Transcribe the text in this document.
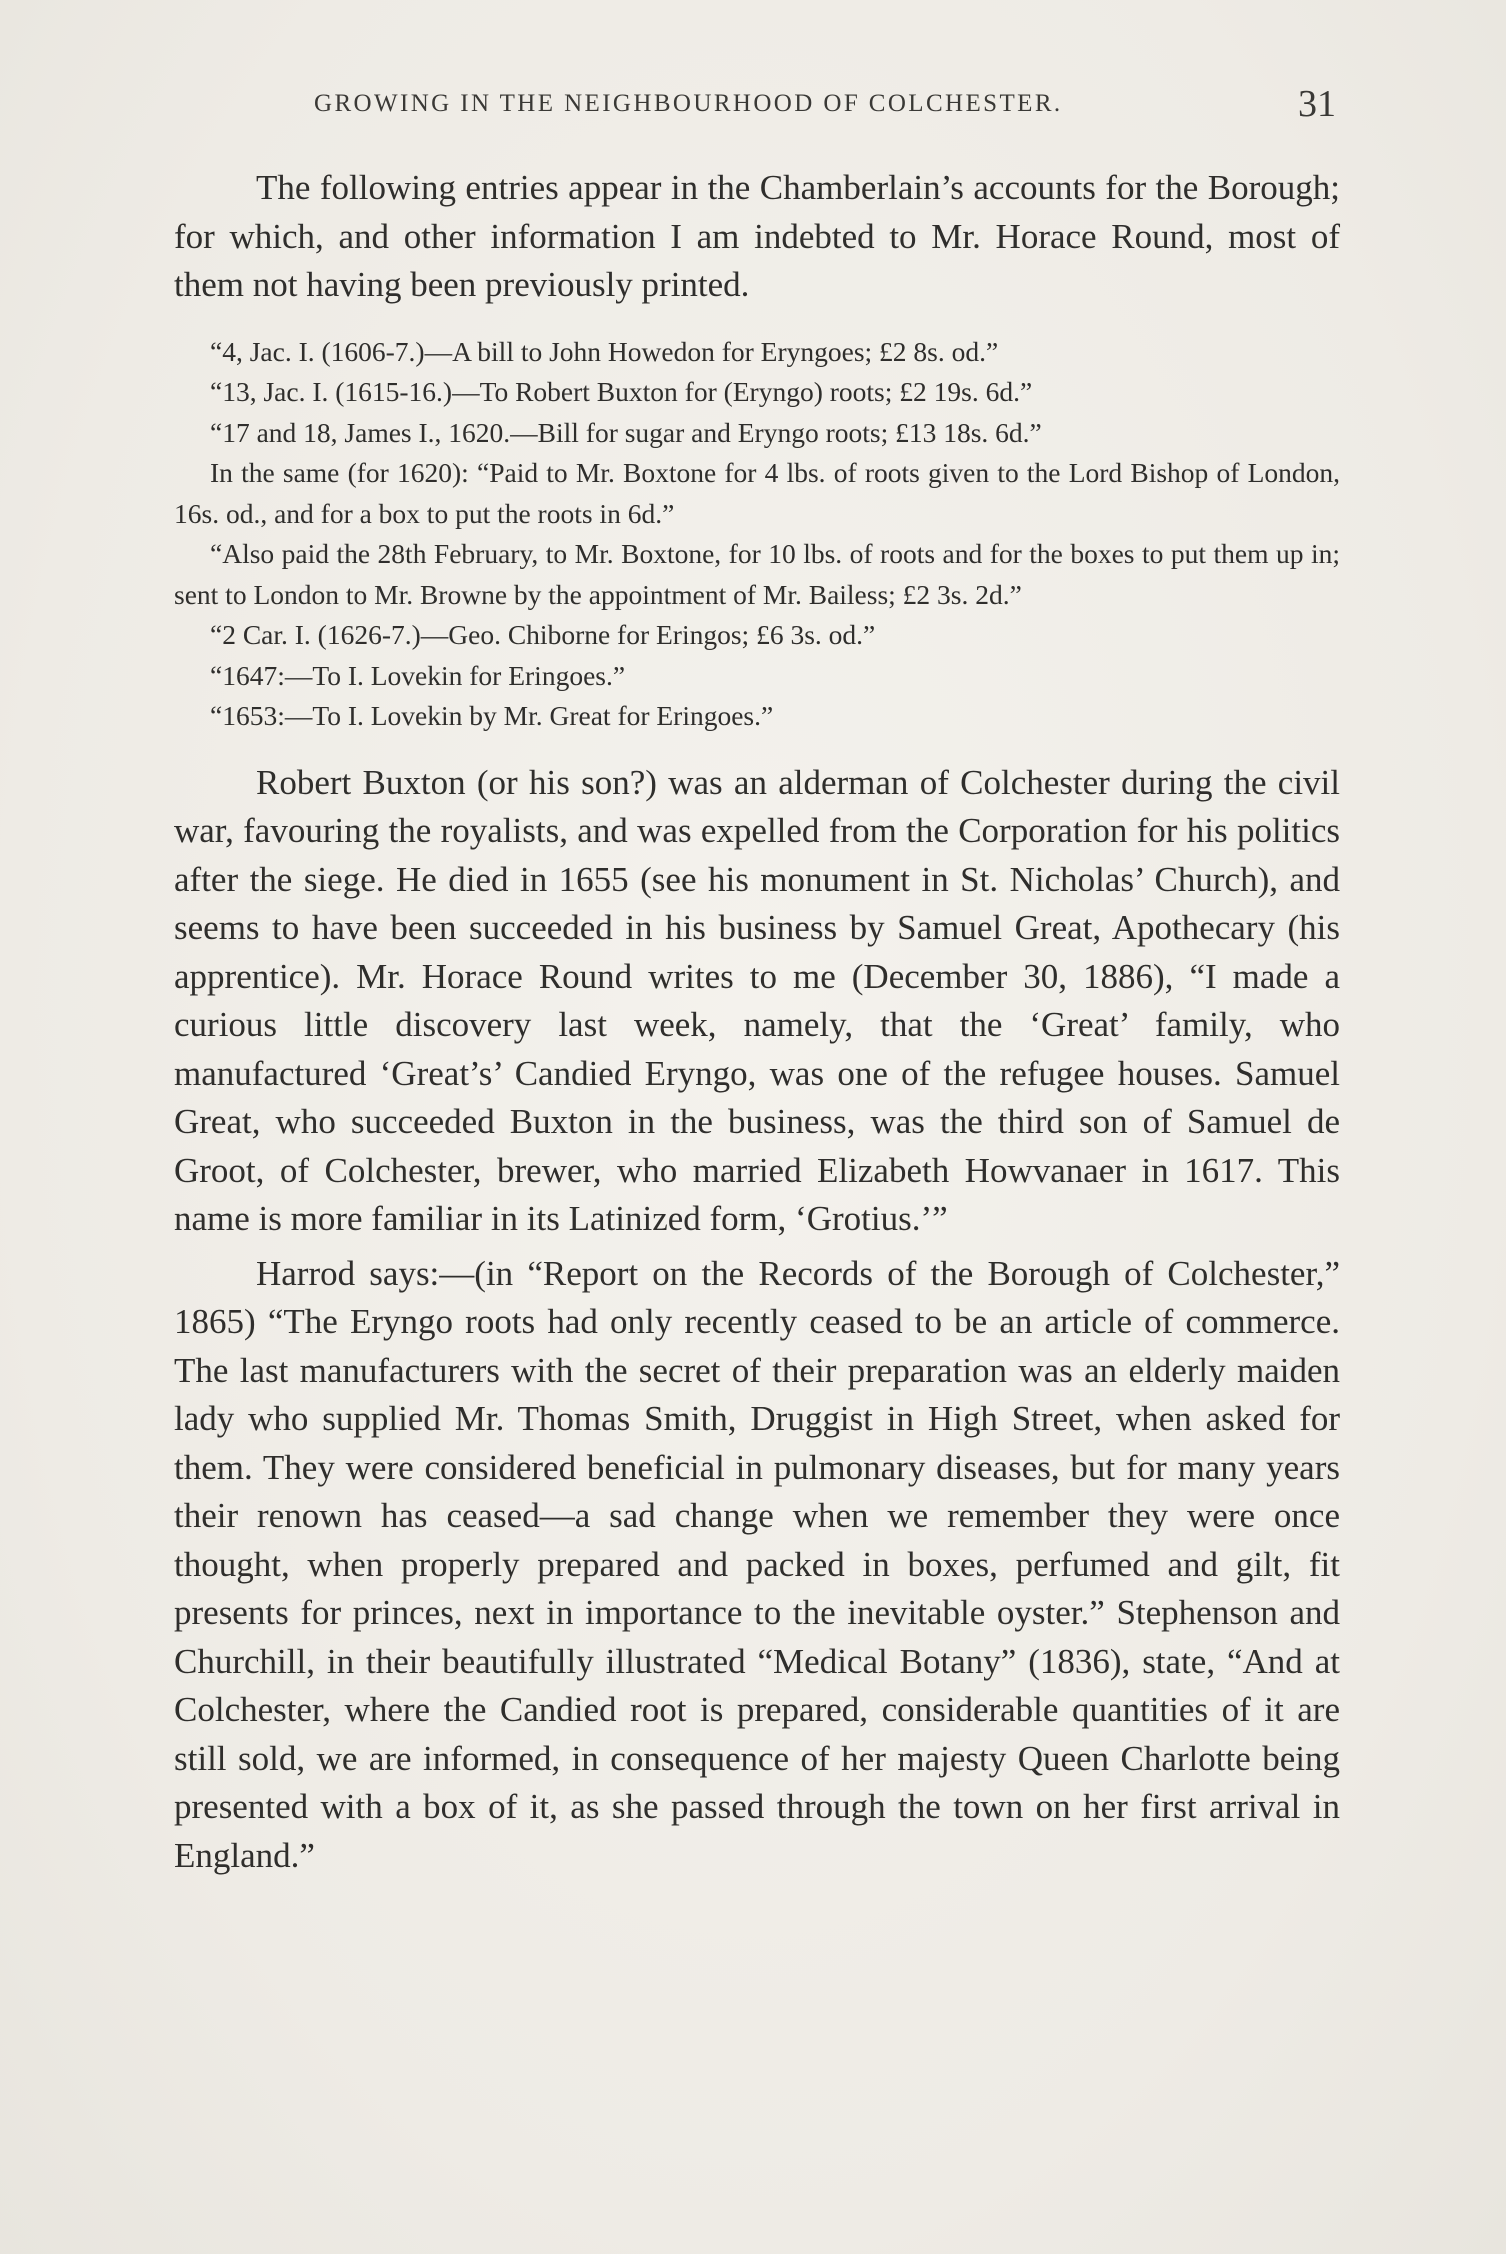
GROWING IN THE NEIGHBOURHOOD OF COLCHESTER.	31

The following entries appear in the Chamberlain’s accounts for the Borough; for which, and other information I am indebted to Mr. Horace Round, most of them not having been previously printed.

“4, Jac. I. (1606-7.)—A bill to John Howedon for Eryngoes; £2 8s. od.”
“13, Jac. I. (1615-16.)—To Robert Buxton for (Eryngo) roots; £2 19s. 6d.”
“17 and 18, James I., 1620.—Bill for sugar and Eryngo roots; £13 18s. 6d.”
In the same (for 1620): “Paid to Mr. Boxtone for 4 lbs. of roots given to the Lord Bishop of London, 16s. od., and for a box to put the roots in 6d.”
“Also paid the 28th February, to Mr. Boxtone, for 10 lbs. of roots and for the boxes to put them up in; sent to London to Mr. Browne by the appointment of Mr. Bailess; £2 3s. 2d.”
“2 Car. I. (1626-7.)—Geo. Chiborne for Eringos; £6 3s. od.”
“1647:—To I. Lovekin for Eringoes.”
“1653:—To I. Lovekin by Mr. Great for Eringoes.”

Robert Buxton (or his son?) was an alderman of Colchester during the civil war, favouring the royalists, and was expelled from the Corporation for his politics after the siege. He died in 1655 (see his monument in St. Nicholas’ Church), and seems to have been succeeded in his business by Samuel Great, Apothecary (his apprentice). Mr. Horace Round writes to me (December 30, 1886), “I made a curious little discovery last week, namely, that the ‘Great’ family, who manufactured ‘Great’s’ Candied Eryngo, was one of the refugee houses. Samuel Great, who succeeded Buxton in the business, was the third son of Samuel de Groot, of Colchester, brewer, who married Elizabeth Howvanaer in 1617. This name is more familiar in its Latinized form, ‘Grotius.’”

Harrod says:—(in “Report on the Records of the Borough of Colchester,” 1865) “The Eryngo roots had only recently ceased to be an article of commerce. The last manufacturers with the secret of their preparation was an elderly maiden lady who supplied Mr. Thomas Smith, Druggist in High Street, when asked for them. They were considered beneficial in pulmonary diseases, but for many years their renown has ceased—a sad change when we remember they were once thought, when properly prepared and packed in boxes, perfumed and gilt, fit presents for princes, next in importance to the inevitable oyster.” Stephenson and Churchill, in their beautifully illustrated “Medical Botany” (1836), state, “And at Colchester, where the Candied root is prepared, considerable quantities of it are still sold, we are informed, in consequence of her majesty Queen Charlotte being presented with a box of it, as she passed through the town on her first arrival in England.”
